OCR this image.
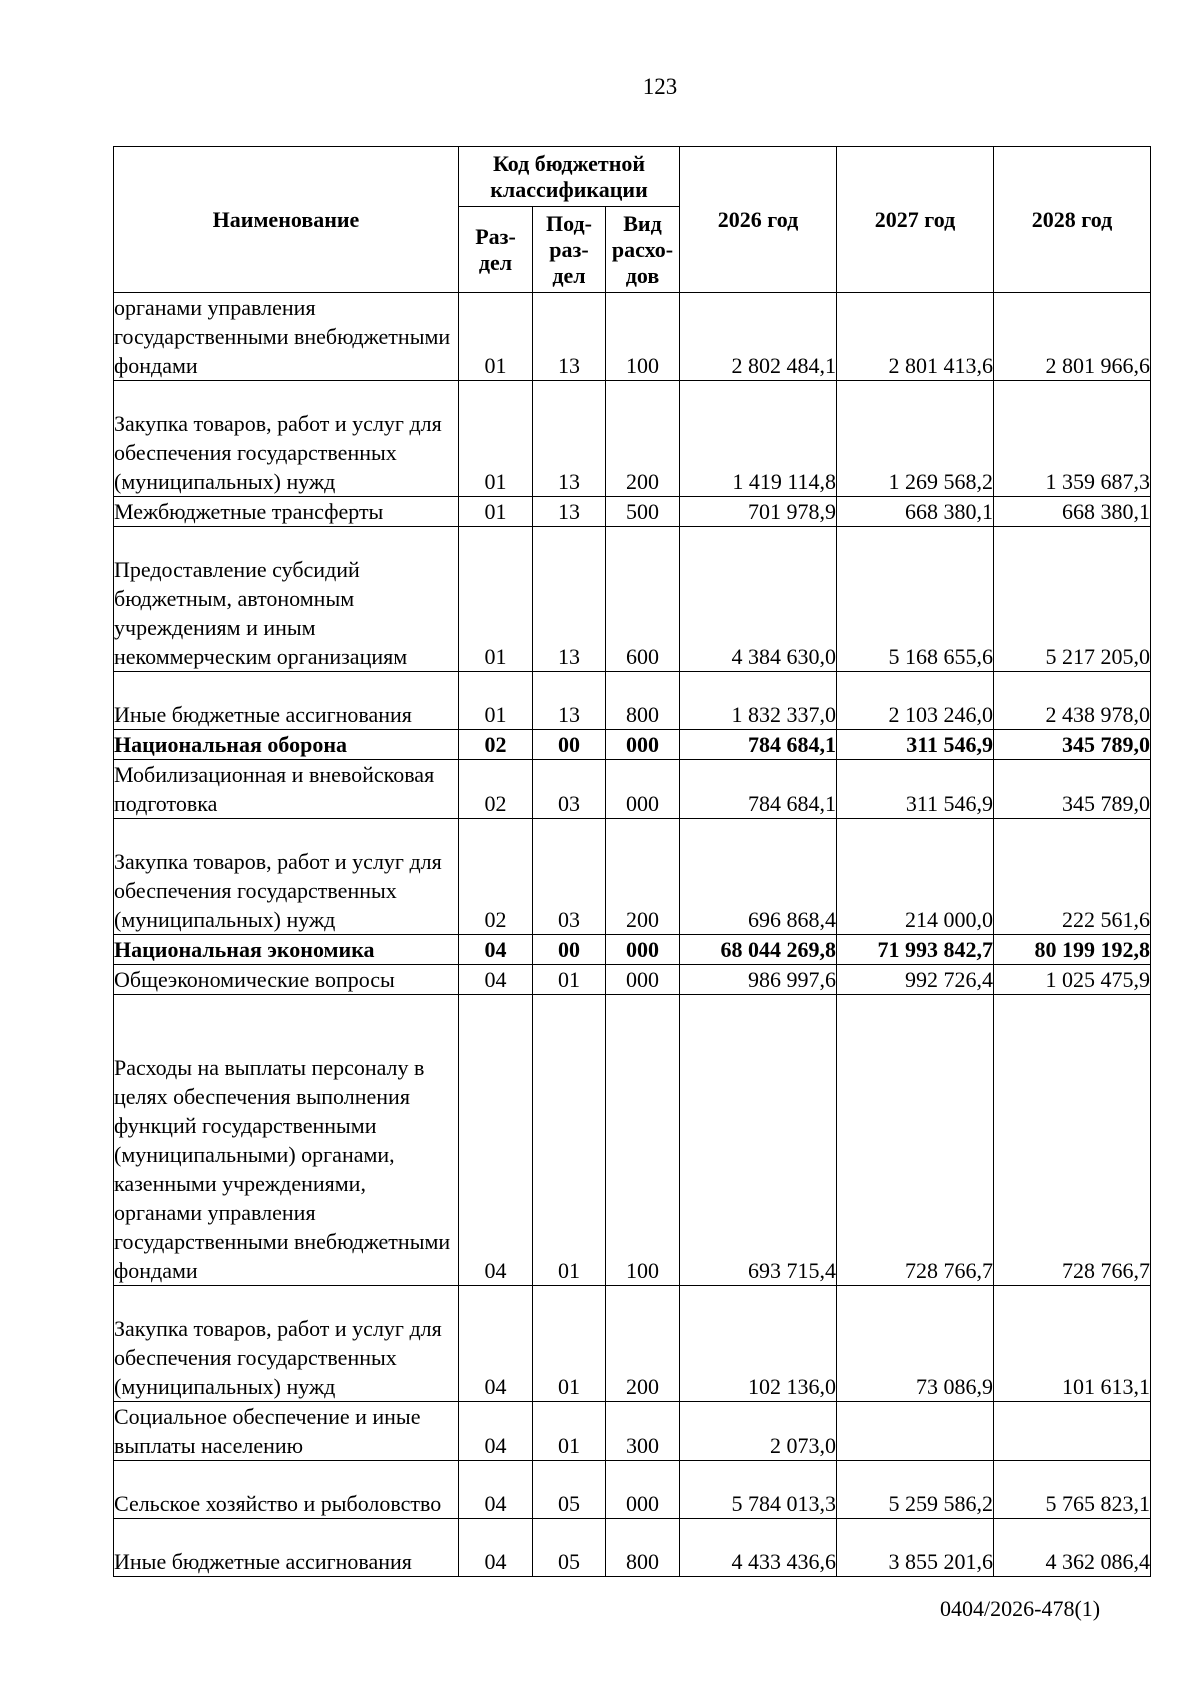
123
Наименование	Код бюджетной классификации			2026 год	2027 год	2028 год
	Раз-дел	Под-раз-дел	Вид расхо-дов			
органами управления государственными внебюджетными фондами	01	13	100	2 802 484,1	2 801 413,6	2 801 966,6
Закупка товаров, работ и услуг для обеспечения государственных (муниципальных) нужд	01	13	200	1 419 114,8	1 269 568,2	1 359 687,3
Межбюджетные трансферты	01	13	500	701 978,9	668 380,1	668 380,1
Предоставление субсидий бюджетным, автономным учреждениям и иным некоммерческим организациям	01	13	600	4 384 630,0	5 168 655,6	5 217 205,0
Иные бюджетные ассигнования	01	13	800	1 832 337,0	2 103 246,0	2 438 978,0
Национальная оборона	02	00	000	784 684,1	311 546,9	345 789,0
Мобилизационная и вневойсковая подготовка	02	03	000	784 684,1	311 546,9	345 789,0
Закупка товаров, работ и услуг для обеспечения государственных (муниципальных) нужд	02	03	200	696 868,4	214 000,0	222 561,6
Национальная экономика	04	00	000	68 044 269,8	71 993 842,7	80 199 192,8
Общеэкономические вопросы	04	01	000	986 997,6	992 726,4	1 025 475,9
Расходы на выплаты персоналу в целях обеспечения выполнения функций государственными (муниципальными) органами, казенными учреждениями, органами управления государственными внебюджетными фондами	04	01	100	693 715,4	728 766,7	728 766,7
Закупка товаров, работ и услуг для обеспечения государственных (муниципальных) нужд	04	01	200	102 136,0	73 086,9	101 613,1
Социальное обеспечение и иные выплаты населению	04	01	300	2 073,0		
Сельское хозяйство и рыболовство	04	05	000	5 784 013,3	5 259 586,2	5 765 823,1
Иные бюджетные ассигнования	04	05	800	4 433 436,6	3 855 201,6	4 362 086,4
0404/2026-478(1)
